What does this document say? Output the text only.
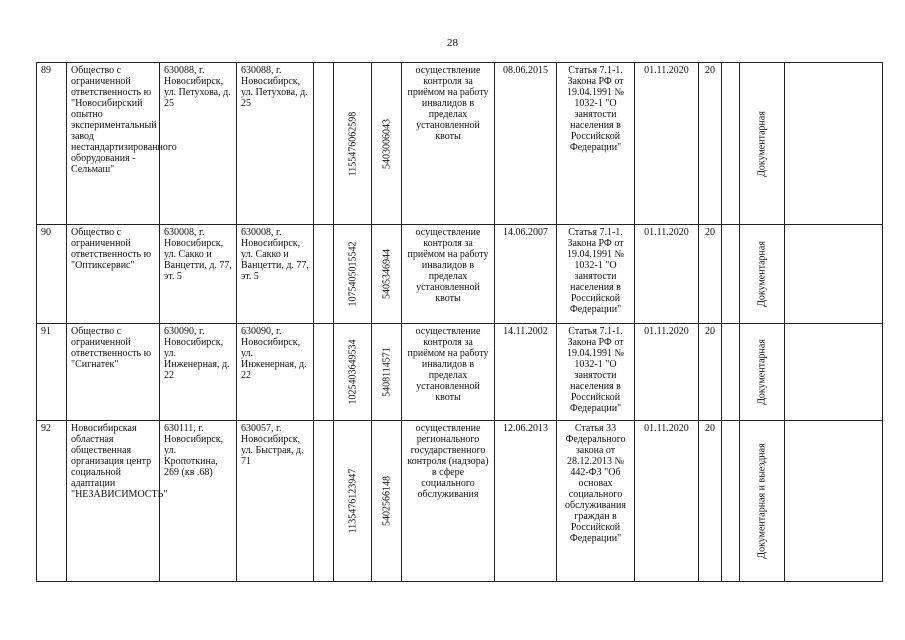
28
89	Общество с ограниченной ответственность ю "Новосибирский опытно экспериментальный завод нестандартизированного оборудования - Сельмаш"	630088, г. Новосибирск, ул. Петухова, д. 25	630088, г. Новосибирск, ул. Петухова, д. 25		1155476062598	5403006043	осуществление контроля за приёмом на работу инвалидов в пределах установленной квоты	08.06.2015	Статья 7.1-1. Закона РФ от 19.04.1991 № 1032-1 "О занятости населения в Российской Федерации"	01.11.2020	20		Документарная	

90	Общество с ограниченной ответственность ю "Оптиксервис"	630008, г. Новосибирск, ул. Сакко и Ванцетти, д. 77, эт. 5	630008, г. Новосибирск, ул. Сакко и Ванцетти, д. 77, эт. 5		1075405015542	5405346944	осуществление контроля за приёмом на работу инвалидов в пределах установленной квоты	14.06.2007	Статья 7.1-1. Закона РФ от 19.04.1991 № 1032-1 "О занятости населения в Российской Федерации"	01.11.2020	20		Документарная	

91	Общество с ограниченной ответственность ю "Сигнатек"	630090, г. Новосибирск, ул. Инженерная, д. 22	630090, г. Новосибирск, ул. Инженерная, д. 22		1025403649534	5408114571	осуществление контроля за приёмом на работу инвалидов в пределах установленной квоты	14.11.2002	Статья 7.1-1. Закона РФ от 19.04.1991 № 1032-1 "О занятости населения в Российской Федерации"	01.11.2020	20		Документарная	

92	Новосибирская областная общественная организация центр социальной адаптации "НЕЗАВИСИМОСТЬ"	630111, г. Новосибирск, ул. Кропоткина, 269 (кв .68)	630057, г. Новосибирск, ул. Быстрая, д. 71		1135476123947	5402566148	осуществление регионального государственного контроля (надзора) в сфере социального обслуживания	12.06.2013	Статья 33 Федерального закона от 28.12.2013 № 442-ФЗ "Об основах социального обслуживания граждан в Российской Федерации"	01.11.2020	20		Документарная и выездная	
